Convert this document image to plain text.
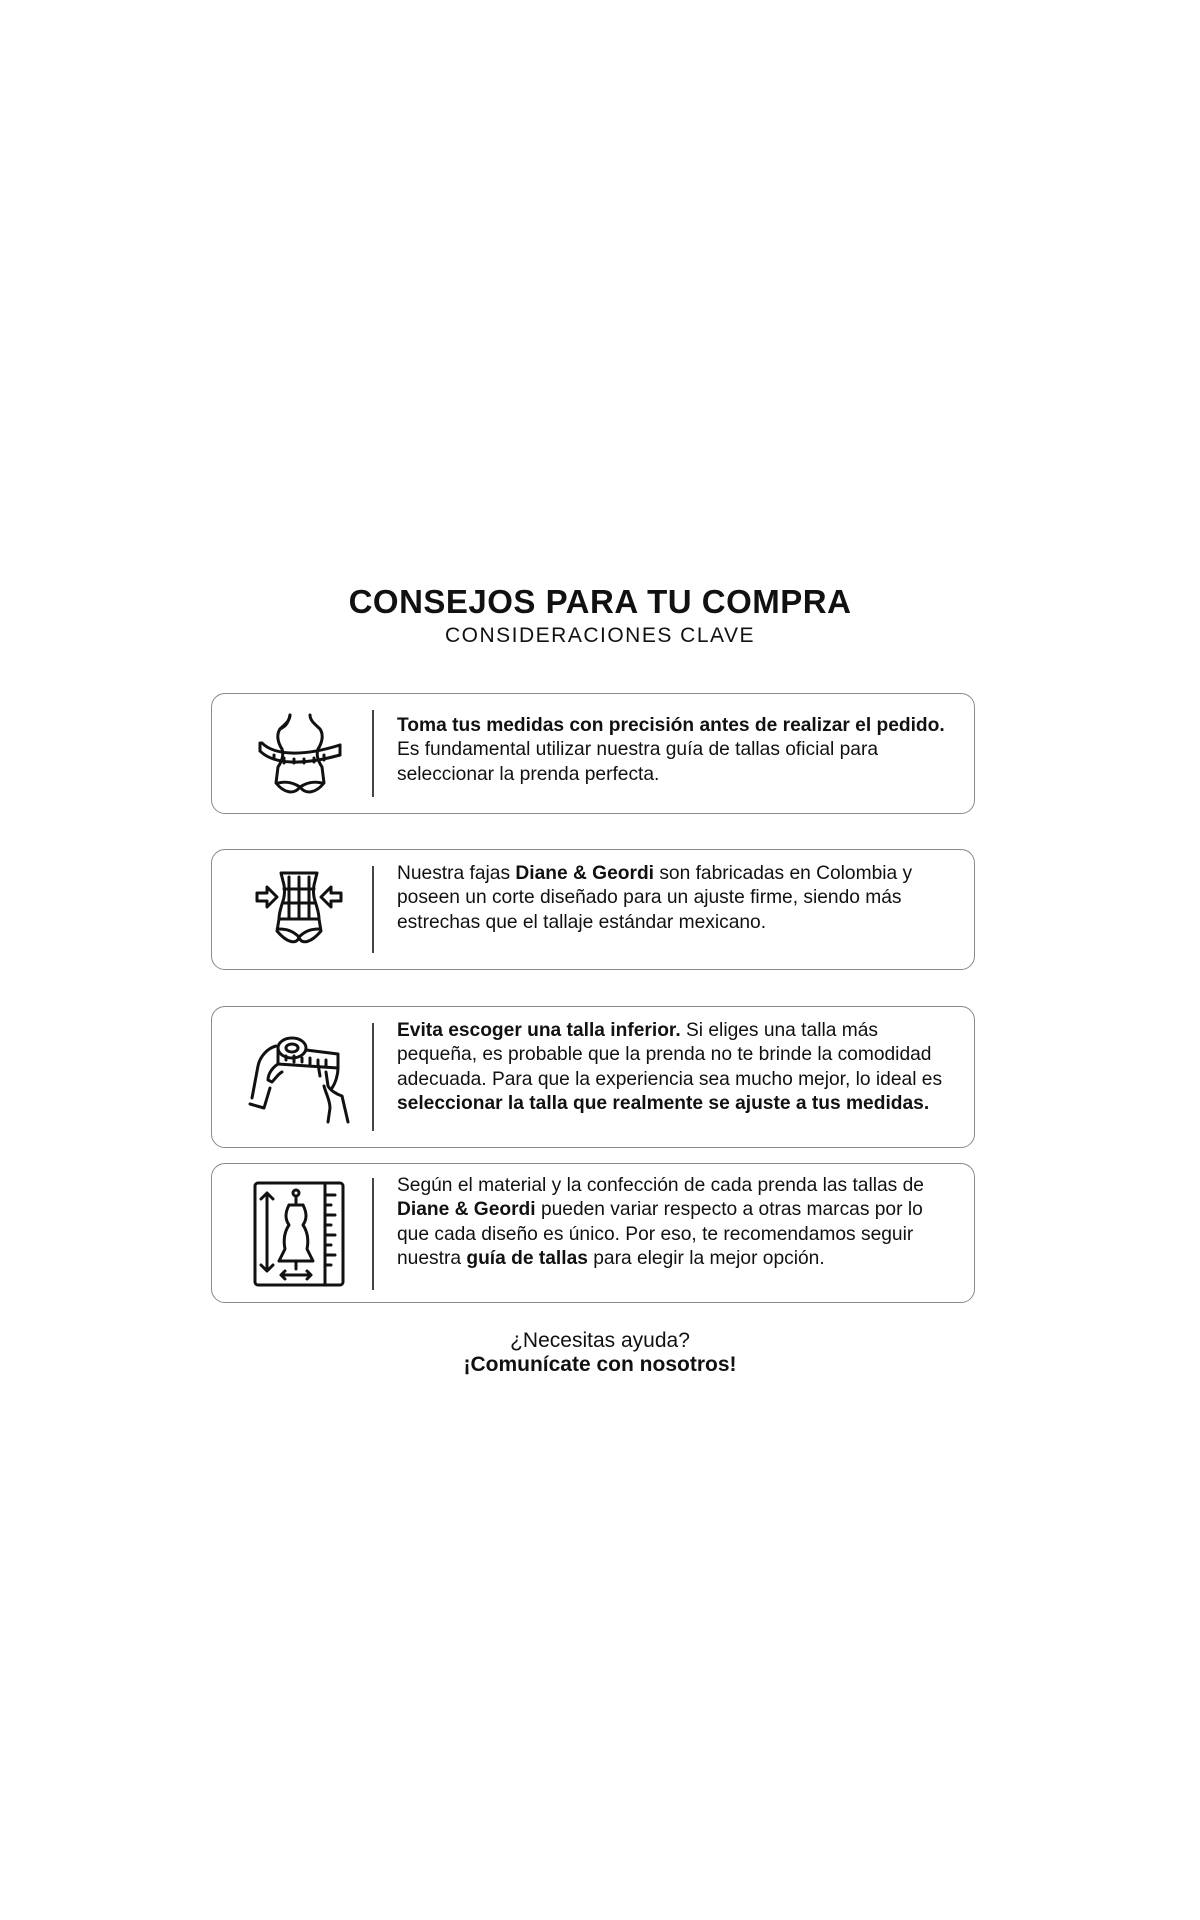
CONSEJOS PARA TU COMPRA
CONSIDERACIONES CLAVE
Toma tus medidas con precisión antes de realizar el pedido. Es fundamental utilizar nuestra guía de tallas oficial para seleccionar la prenda perfecta.
Nuestra fajas Diane & Geordi son fabricadas en Colombia y poseen un corte diseñado para un ajuste firme, siendo más estrechas que el tallaje estándar mexicano.
Evita escoger una talla inferior. Si eliges una talla más pequeña, es probable que la prenda no te brinde la comodidad adecuada. Para que la experiencia sea mucho mejor, lo ideal es seleccionar la talla que realmente se ajuste a tus medidas.
Según el material y la confección de cada prenda las tallas de Diane & Geordi pueden variar respecto a otras marcas por lo que cada diseño es único. Por eso, te recomendamos seguir nuestra guía de tallas para elegir la mejor opción.
¿Necesitas ayuda?
¡Comunícate con nosotros!
